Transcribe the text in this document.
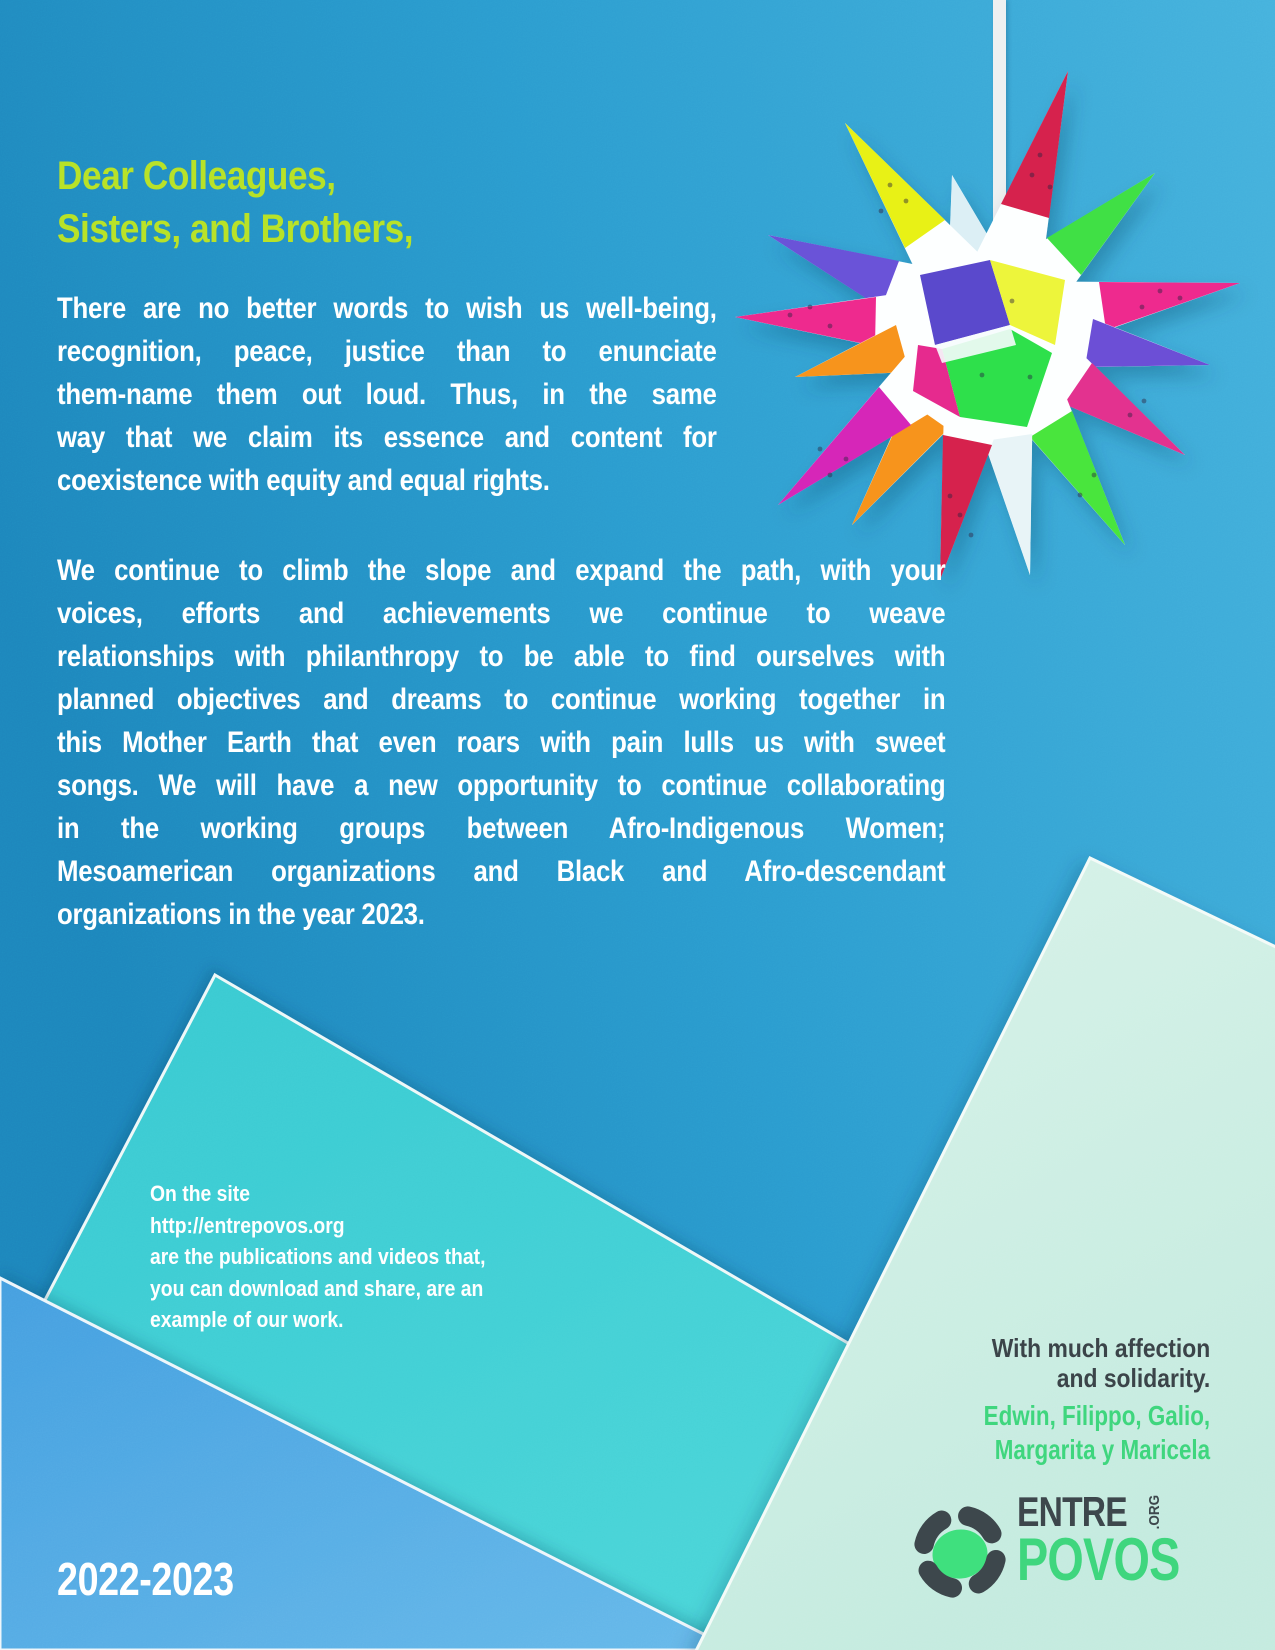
Dear Colleagues,
Sisters, and Brothers,
There are no better words to wish us well-being,
recognition, peace, justice than to enunciate
them-name them out loud. Thus, in the same
way that we claim its essence and content for
coexistence with equity and equal rights.
We continue to climb the slope and expand the path, with your
voices, efforts and achievements we continue to weave
relationships with philanthropy to be able to find ourselves with
planned objectives and dreams to continue working together in
this Mother Earth that even roars with pain lulls us with sweet
songs. We will have a new opportunity to continue collaborating
in the working groups between Afro-Indigenous Women;
Mesoamerican organizations and Black and Afro-descendant
organizations in the year 2023.
On the site
http://entrepovos.org
are the publications and videos that,
you can download and share, are an
example of our work.
With much affection
and solidarity.
Edwin, Filippo, Galio,
Margarita y Maricela
ENTRE .ORG
POVOS
2022-2023
